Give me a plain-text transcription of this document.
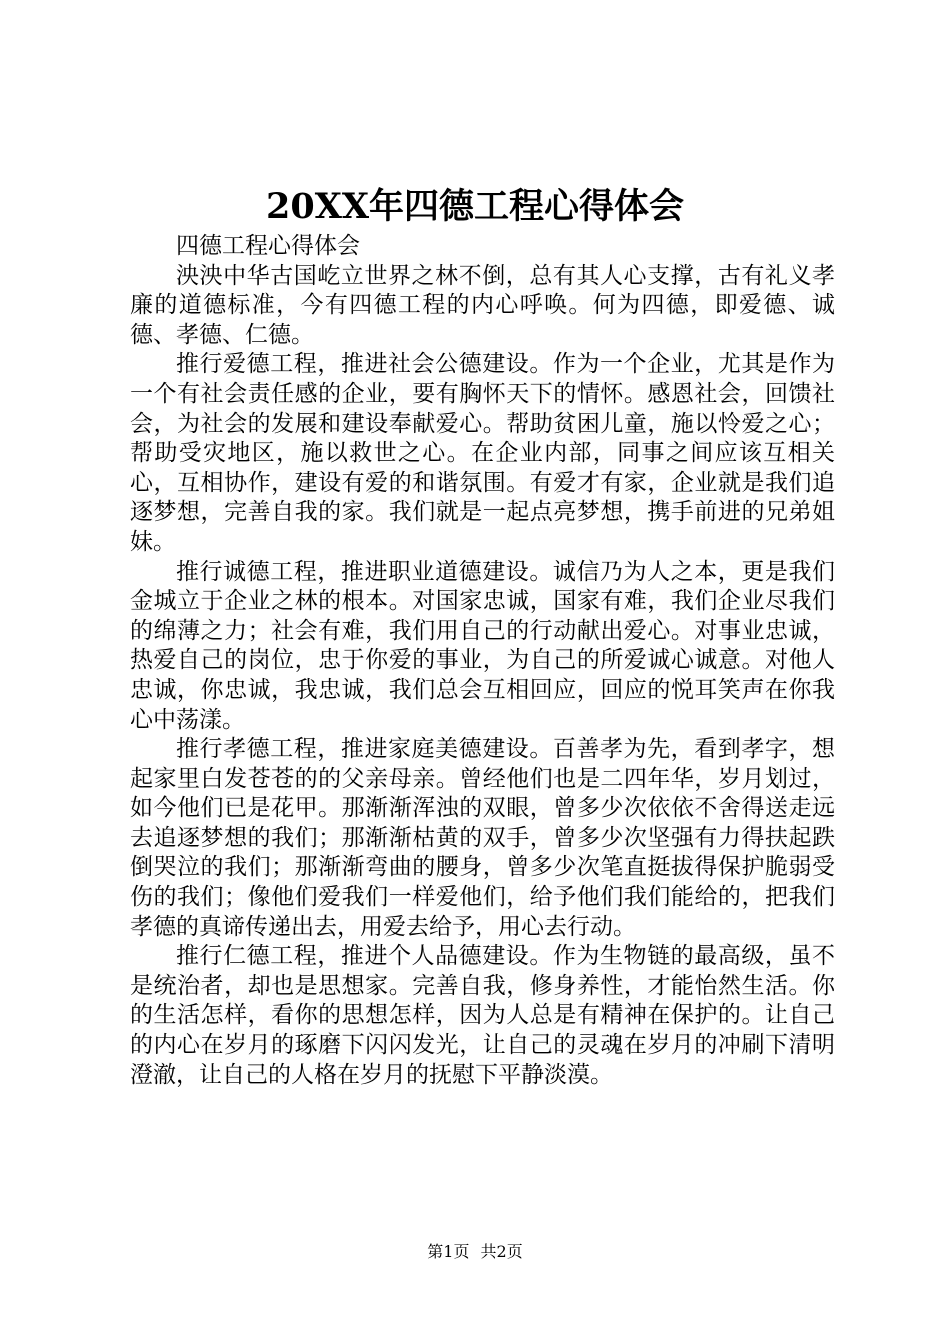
20XX年四德工程心得体会

四德工程心得体会

泱泱中华古国屹立世界之林不倒，总有其人心支撑，古有礼义孝廉的道德标准，今有四德工程的内心呼唤。何为四德，即爱德、诚德、孝德、仁德。

推行爱德工程，推进社会公德建设。作为一个企业，尤其是作为一个有社会责任感的企业，要有胸怀天下的情怀。感恩社会，回馈社会，为社会的发展和建设奉献爱心。帮助贫困儿童，施以怜爱之心；帮助受灾地区，施以救世之心。在企业内部，同事之间应该互相关心，互相协作，建设有爱的和谐氛围。有爱才有家，企业就是我们追逐梦想，完善自我的家。我们就是一起点亮梦想，携手前进的兄弟姐妹。

推行诚德工程，推进职业道德建设。诚信乃为人之本，更是我们金城立于企业之林的根本。对国家忠诚，国家有难，我们企业尽我们的绵薄之力；社会有难，我们用自己的行动献出爱心。对事业忠诚，热爱自己的岗位，忠于你爱的事业，为自己的所爱诚心诚意。对他人忠诚，你忠诚，我忠诚，我们总会互相回应，回应的悦耳笑声在你我心中荡漾。

推行孝德工程，推进家庭美德建设。百善孝为先，看到孝字，想起家里白发苍苍的的父亲母亲。曾经他们也是二四年华，岁月划过，如今他们已是花甲。那渐渐浑浊的双眼，曾多少次依依不舍得送走远去追逐梦想的我们；那渐渐枯黄的双手，曾多少次坚强有力得扶起跌倒哭泣的我们；那渐渐弯曲的腰身，曾多少次笔直挺拔得保护脆弱受伤的我们；像他们爱我们一样爱他们，给予他们我们能给的，把我们孝德的真谛传递出去，用爱去给予，用心去行动。

推行仁德工程，推进个人品德建设。作为生物链的最高级，虽不是统治者，却也是思想家。完善自我，修身养性，才能怡然生活。你的生活怎样，看你的思想怎样，因为人总是有精神在保护的。让自己的内心在岁月的琢磨下闪闪发光，让自己的灵魂在岁月的冲刷下清明澄澈，让自己的人格在岁月的抚慰下平静淡漠。

第1页 共2页
